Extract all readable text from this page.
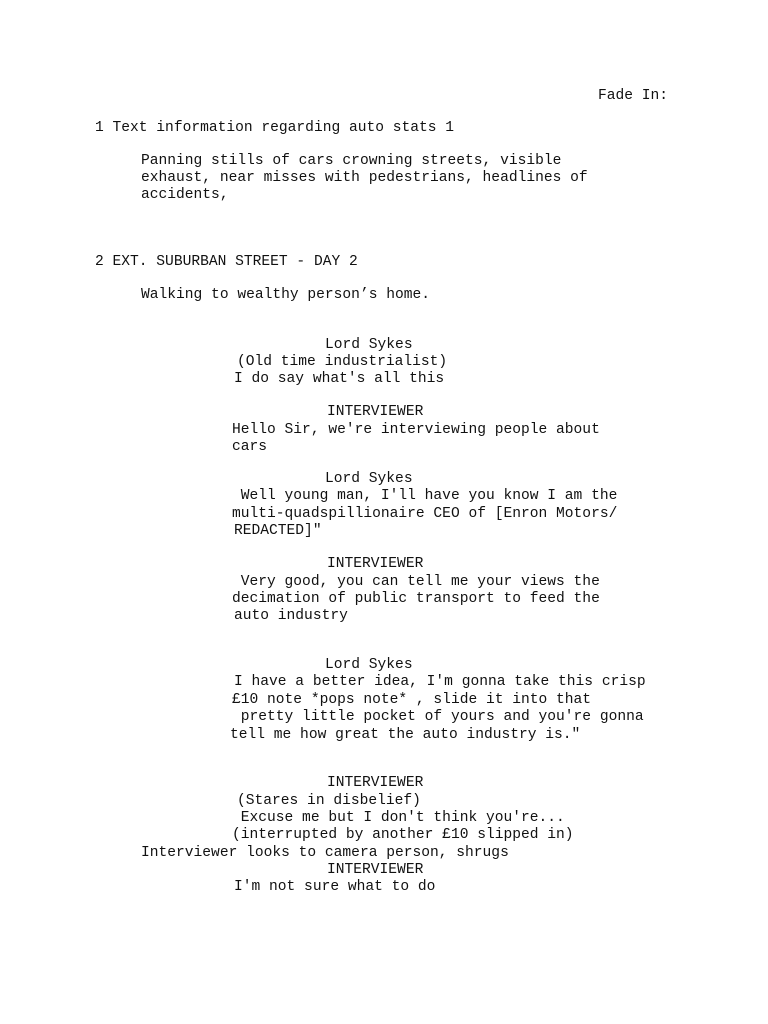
Fade In:
1 Text information regarding auto stats 1
Panning stills of cars crowning streets, visible
exhaust, near misses with pedestrians, headlines of
accidents,
2 EXT. SUBURBAN STREET - DAY 2
Walking to wealthy person’s home.
Lord Sykes
(Old time industrialist)
I do say what's all this
INTERVIEWER
Hello Sir, we're interviewing people about
cars
Lord Sykes
Well young man, I'll have you know I am the
multi-quadspillionaire CEO of [Enron Motors/
REDACTED]"
INTERVIEWER
Very good, you can tell me your views the
decimation of public transport to feed the
auto industry
Lord Sykes
I have a better idea, I'm gonna take this crisp
£10 note *pops note* , slide it into that
pretty little pocket of yours and you're gonna
tell me how great the auto industry is."
INTERVIEWER
(Stares in disbelief)
Excuse me but I don't think you're...
(interrupted by another £10 slipped in)
Interviewer looks to camera person, shrugs
INTERVIEWER
I'm not sure what to do
